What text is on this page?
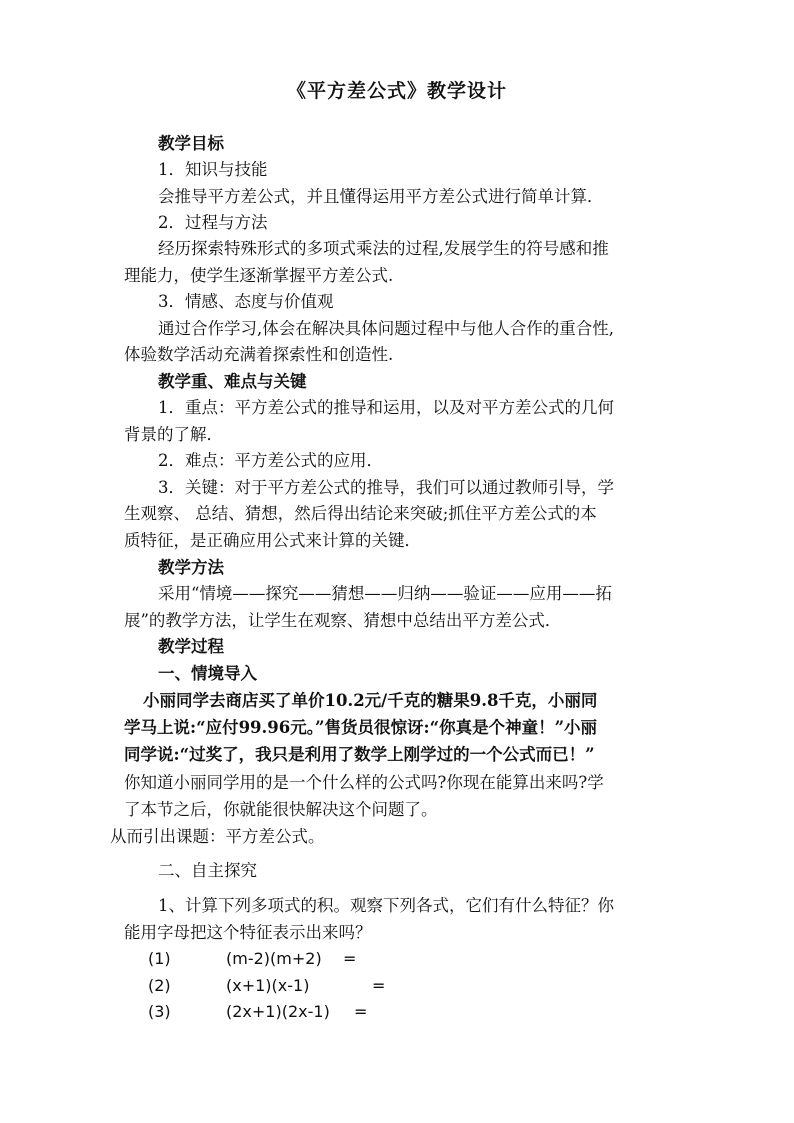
《平方差公式》教学设计
教学目标
1．知识与技能
会推导平方差公式，并且懂得运用平方差公式进行简单计算．
2．过程与方法
经历探索特殊形式的多项式乘法的过程,发展学生的符号感和推
理能力，使学生逐渐掌握平方差公式.
3．情感、态度与价值观
通过合作学习,体会在解决具体问题过程中与他人合作的重合性,
体验数学活动充满着探索性和创造性.
教学重、难点与关键
1．重点：平方差公式的推导和运用，以及对平方差公式的几何
背景的了解．
2．难点：平方差公式的应用．
3．关键：对于平方差公式的推导，我们可以通过教师引导，学
生观察、 总结、猜想，然后得出结论来突破;抓住平方差公式的本
质特征，是正确应用公式来计算的关键．
教学方法
采用“情境——探究——猜想——归纳——验证——应用——拓
展”的教学方法，让学生在观察、猜想中总结出平方差公式．
教学过程
一、情境导入
小丽同学去商店买了单价10.2元/千克的糖果9.8千克，小丽同
学马上说:“应付99.96元。”售货员很惊讶:“你真是个神童！”小丽
同学说:“过奖了，我只是利用了数学上刚学过的一个公式而已！”
你知道小丽同学用的是一个什么样的公式吗?你现在能算出来吗?学
了本节之后，你就能很快解决这个问题了。
从而引出课题：平方差公式。
二、自主探究
1、计算下列多项式的积。观察下列各式，它们有什么特征？你
能用字母把这个特征表示出来吗？
(1)	(m-2)(m+2) =
(2)	(x+1)(x-1)	=
(3)	(2x+1)(2x-1) =
